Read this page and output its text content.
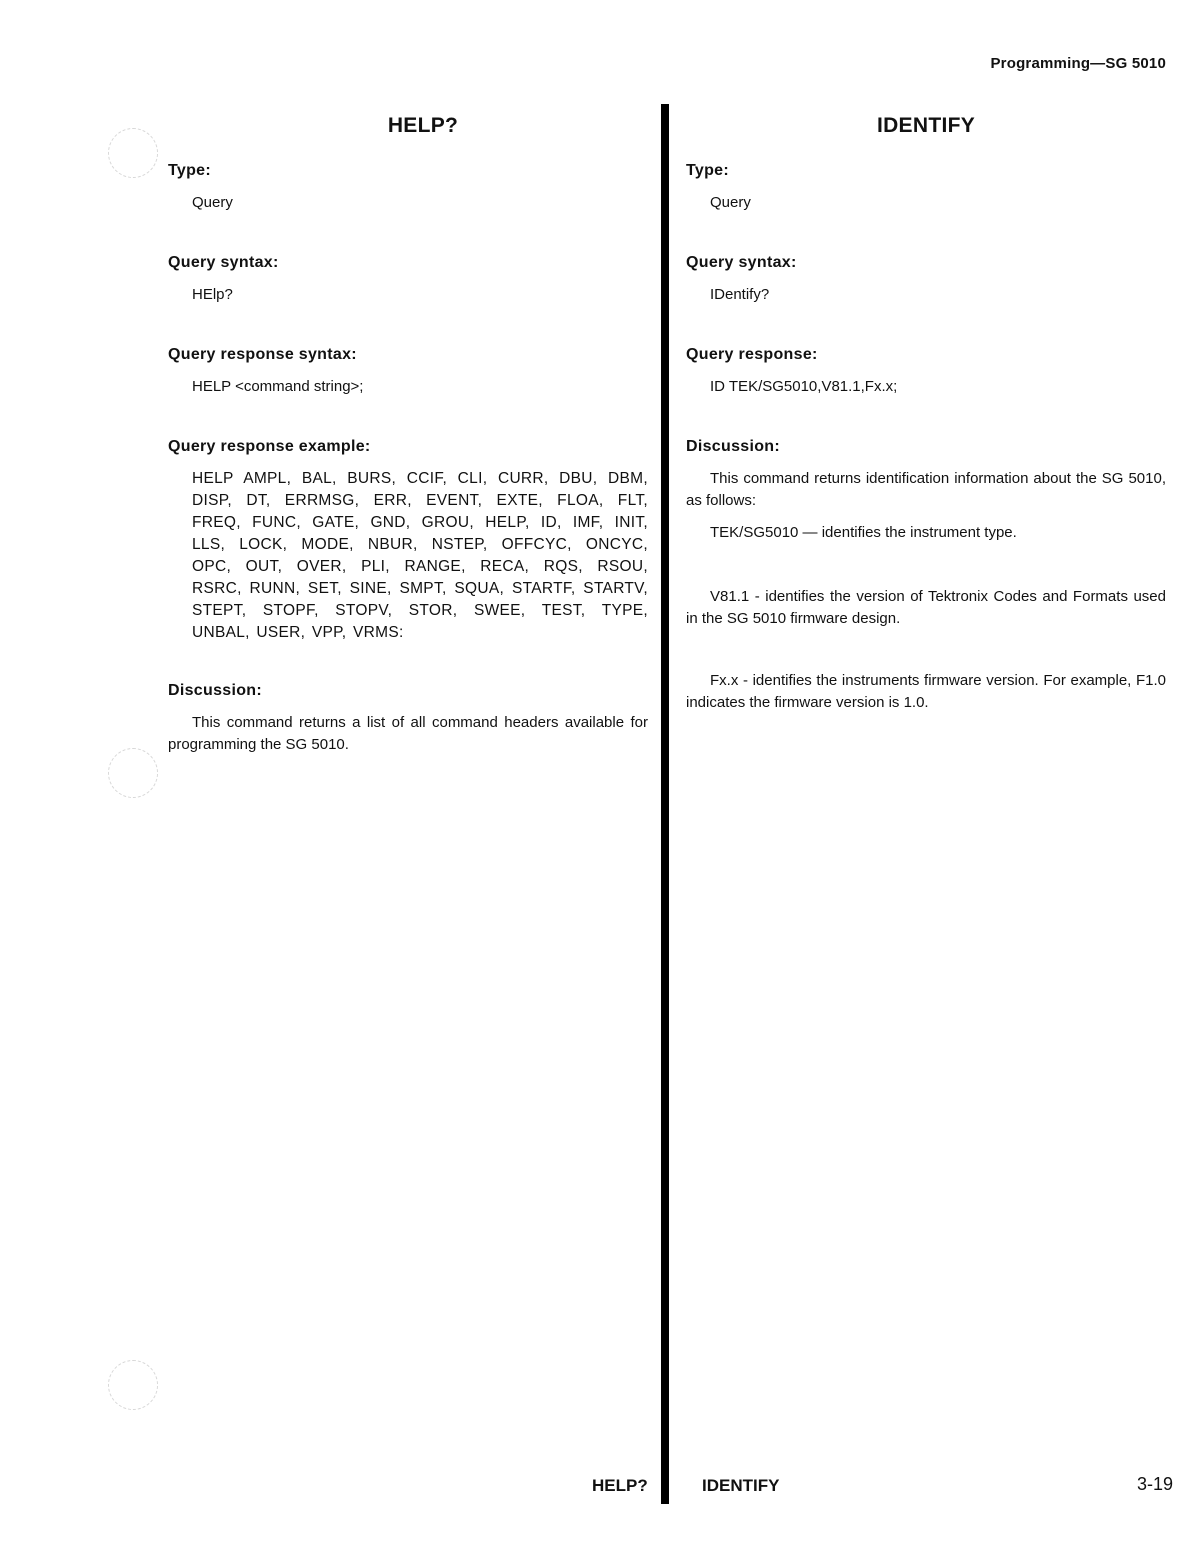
Programming—SG 5010
HELP?
Type:
Query
Query syntax:
HElp?
Query response syntax:
HELP <command string>;
Query response example:
HELP AMPL, BAL, BURS, CCIF, CLI, CURR, DBU, DBM, DISP, DT, ERRMSG, ERR, EVENT, EXTE, FLOA, FLT, FREQ, FUNC, GATE, GND, GROU, HELP, ID, IMF, INIT, LLS, LOCK, MODE, NBUR, NSTEP, OFFCYC, ONCYC, OPC, OUT, OVER, PLI, RANGE, RECA, RQS, RSOU, RSRC, RUNN, SET, SINE, SMPT, SQUA, STARTF, STARTV, STEPT, STOPF, STOPV, STOR, SWEE, TEST, TYPE, UNBAL, USER, VPP, VRMS:
Discussion:

This command returns a list of all command headers available for programming the SG 5010.

IDENTIFY
Type:
Query
Query syntax:
IDentify?
Query response:
ID TEK/SG5010,V81.1,Fx.x;
Discussion:

This command returns identification information about the SG 5010, as follows:

TEK/SG5010 — identifies the instrument type.

V81.1 - identifies the version of Tektronix Codes and Formats used in the SG 5010 firmware design.

Fx.x - identifies the instruments firmware version. For example, F1.0 indicates the firmware version is 1.0.

HELP?	IDENTIFY	3-19
